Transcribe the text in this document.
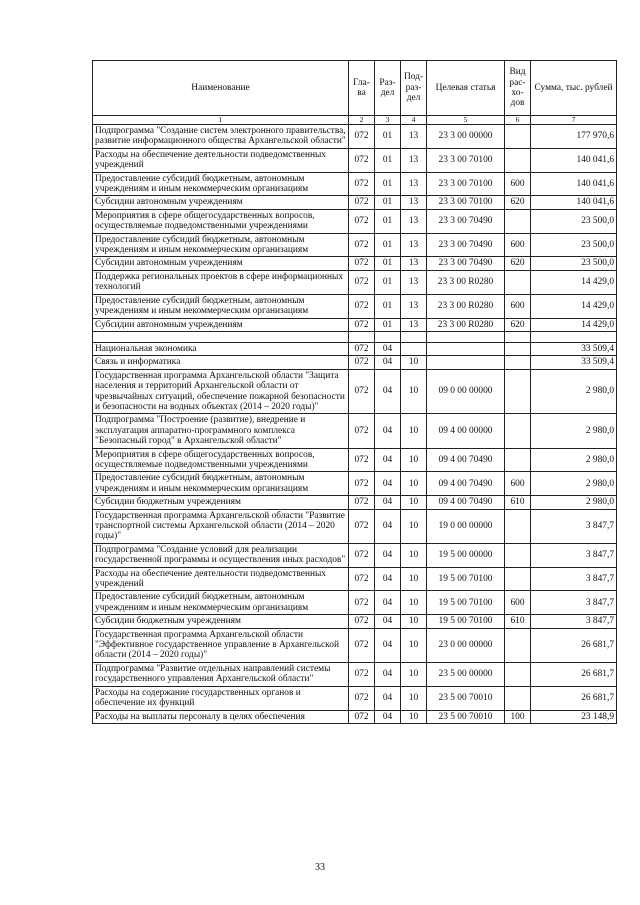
Наименование	Гла-ва	Раз-дел	Под-раз-дел	Целевая статья	Вид рас-хо-дов	Сумма, тыс. рублей
1	2	3	4	5	6	7
Подпрограмма "Создание систем электронного правительства, развитие информационного общества Архангельской области"	072	01	13	23 3 00 00000		177 970,6
Расходы на обеспечение деятельности подведомственных учреждений	072	01	13	23 3 00 70100		140 041,6
Предоставление субсидий бюджетным, автономным учреждениям и иным некоммерческим организациям	072	01	13	23 3 00 70100	600	140 041,6
Субсидии автономным учреждениям	072	01	13	23 3 00 70100	620	140 041,6
Мероприятия в сфере общегосударственных вопросов, осуществляемые подведомственными учреждениями	072	01	13	23 3 00 70490		23 500,0
Предоставление субсидий бюджетным, автономным учреждениям и иным некоммерческим организациям	072	01	13	23 3 00 70490	600	23 500,0
Субсидии автономным учреждениям	072	01	13	23 3 00 70490	620	23 500,0
Поддержка региональных проектов в сфере информационных технологий	072	01	13	23 3 00 R0280		14 429,0
Предоставление субсидий бюджетным, автономным учреждениям и иным некоммерческим организациям	072	01	13	23 3 00 R0280	600	14 429,0
Субсидии автономным учреждениям	072	01	13	23 3 00 R0280	620	14 429,0

Национальная экономика	072	04				33 509,4
Связь и информатика	072	04	10			33 509,4
Государственная программа Архангельской области "Защита населения и территорий Архангельской области от чрезвычайных ситуаций, обеспечение пожарной безопасности и безопасности на водных объектах (2014 – 2020 годы)"	072	04	10	09 0 00 00000		2 980,0
Подпрограмма "Построение (развитие), внедрение и эксплуатация аппаратно-программного комплекса "Безопасный город" в Архангельской области"	072	04	10	09 4 00 00000		2 980,0
Мероприятия в сфере общегосударственных вопросов, осуществляемые подведомственными учреждениями	072	04	10	09 4 00 70490		2 980,0
Предоставление субсидий бюджетным, автономным учреждениям и иным некоммерческим организациям	072	04	10	09 4 00 70490	600	2 980,0
Субсидии бюджетным учреждениям	072	04	10	09 4 00 70490	610	2 980,0
Государственная программа Архангельской области "Развитие транспортной системы Архангельской области (2014 – 2020 годы)"	072	04	10	19 0 00 00000		3 847,7
Подпрограмма "Создание условий для реализации государственной программы и осуществления иных расходов"	072	04	10	19 5 00 00000		3 847,7
Расходы на обеспечение деятельности подведомственных учреждений	072	04	10	19 5 00 70100		3 847,7
Предоставление субсидий бюджетным, автономным учреждениям и иным некоммерческим организациям	072	04	10	19 5 00 70100	600	3 847,7
Субсидии бюджетным учреждениям	072	04	10	19 5 00 70100	610	3 847,7
Государственная программа Архангельской области "Эффективное государственное управление в Архангельской области (2014 – 2020 годы)"	072	04	10	23 0 00 00000		26 681,7
Подпрограмма "Развитие отдельных направлений системы государственного управления Архангельской области"	072	04	10	23 5 00 00000		26 681,7
Расходы на содержание государственных органов и обеспечение их функций	072	04	10	23 5 00 70010		26 681,7
Расходы на выплаты персоналу в целях обеспечения	072	04	10	23 5 00 70010	100	23 148,9
33
